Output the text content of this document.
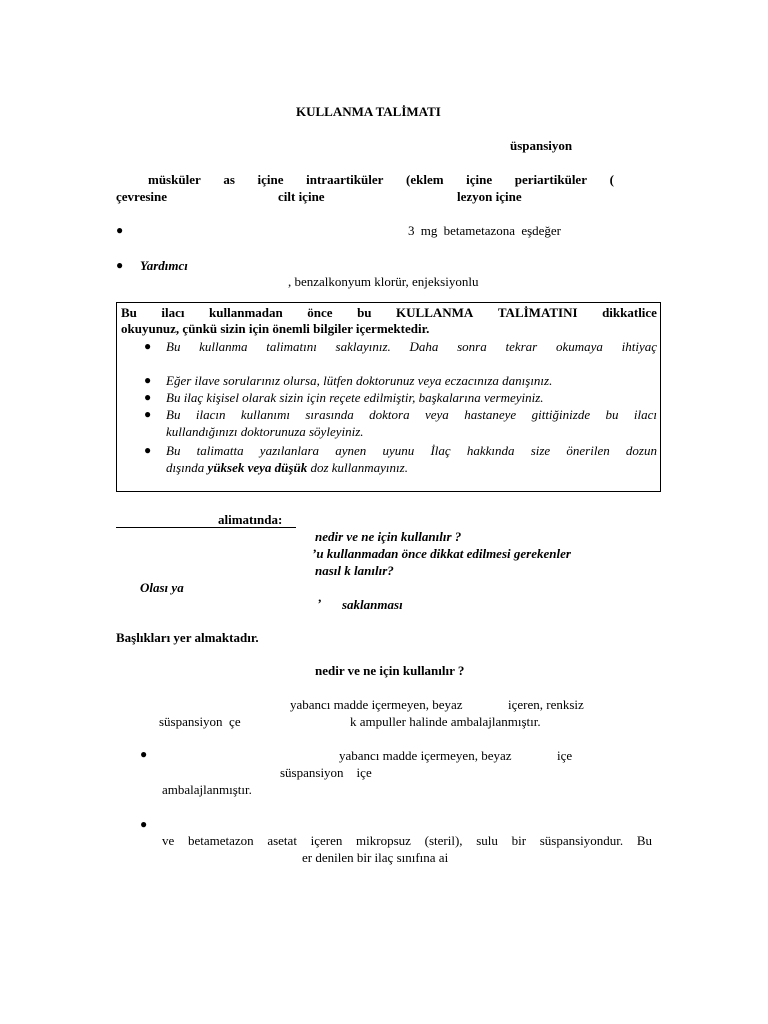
KULLANMA TALİMATI
üspansiyon
müsküler as içine intraartiküler (eklem içine periartiküler (
çevresine	cilt içine	lezyon içine
●	3 mg betametazona eşdeğer
● Yardımcı
, benzalkonyum klorür, enjeksiyonlu
Bu ilacı kullanmadan önce bu KULLANMA TALİMATINI dikkatlice
okuyunuz, çünkü sizin için önemli bilgiler içermektedir.
● Bu kullanma talimatını saklayınız. Daha sonra tekrar okumaya ihtiyaç
● Eğer ilave sorularınız olursa, lütfen doktorunuz veya eczacınıza danışınız.
● Bu ilaç kişisel olarak sizin için reçete edilmiştir, başkalarına vermeyiniz.
● Bu ilacın kullanımı sırasında doktora veya hastaneye gittiğinizde bu ilacı
kullandığınızı doktorunuza söyleyiniz.
● Bu talimatta yazılanlara aynen uyunu İlaç hakkında size önerilen dozun
dışında yüksek veya düşük doz kullanmayınız.
alimatında:
nedir ve ne için kullanılır ?
’u kullanmadan önce dikkat edilmesi gerekenler
nasıl k lanılır?
Olası ya
’ saklanması
Başlıkları yer almaktadır.
nedir ve ne için kullanılır ?
yabancı madde içermeyen, beyaz              içeren, renksiz
süspansiyon  çe	k ampuller halinde ambalajlanmıştır.
●	yabancı madde içermeyen, beyaz              içe
süspansiyon    içe
ambalajlanmıştır.
●
ve betametazon asetat içeren mikropsuz (steril), sulu bir süspansiyondur. Bu
er denilen bir ilaç sınıfına ai
